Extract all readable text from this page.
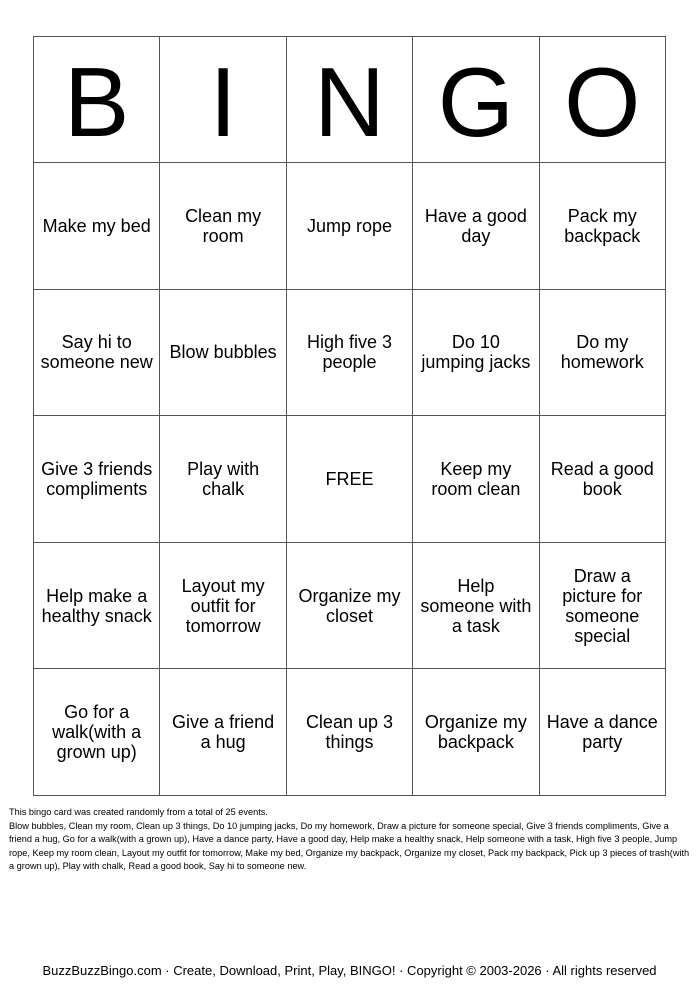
B	I	N	G	O
Make my bed	Clean my room	Jump rope	Have a good day	Pack my backpack
Say hi to someone new	Blow bubbles	High five 3 people	Do 10 jumping jacks	Do my homework
Give 3 friends compliments	Play with chalk	FREE	Keep my room clean	Read a good book
Help make a healthy snack	Layout my outfit for tomorrow	Organize my closet	Help someone with a task	Draw a picture for someone special
Go for a walk(with a grown up)	Give a friend a hug	Clean up 3 things	Organize my backpack	Have a dance party

This bingo card was created randomly from a total of 25 events.

Blow bubbles, Clean my room, Clean up 3 things, Do 10 jumping jacks, Do my homework, Draw a picture for someone special, Give 3 friends compliments, Give a friend a hug, Go for a walk(with a grown up), Have a dance party, Have a good day, Help make a healthy snack, Help someone with a task, High five 3 people, Jump rope, Keep my room clean, Layout my outfit for tomorrow, Make my bed, Organize my backpack, Organize my closet, Pack my backpack, Pick up 3 pieces of trash(with a grown up), Play with chalk, Read a good book, Say hi to someone new.

BuzzBuzzBingo.com · Create, Download, Print, Play, BINGO! · Copyright © 2003-2026 · All rights reserved
